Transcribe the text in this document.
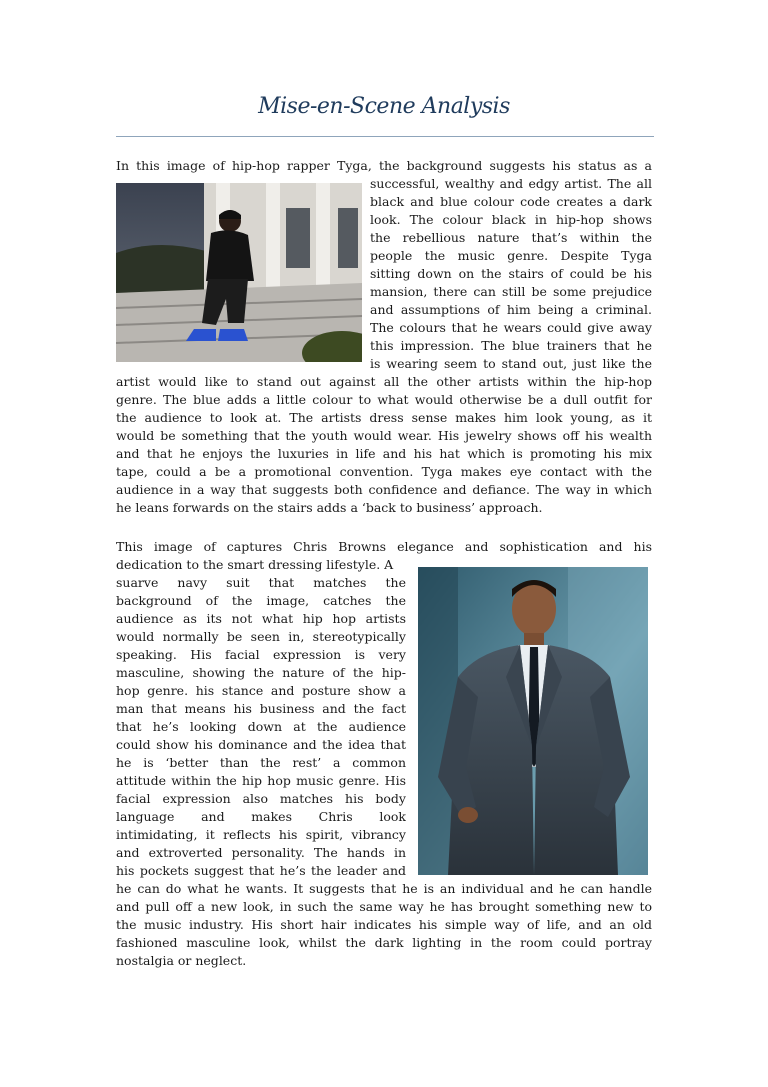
Mise-en-Scene Analysis
In this image of hip-hop rapper Tyga, the background suggests his status as a
successful, wealthy and edgy artist. The all
black and blue colour code creates a dark
look. The colour black in hip-hop shows
the rebellious nature that’s within the
people the music genre. Despite Tyga
sitting down on the stairs of could be his
mansion, there can still be some prejudice
and assumptions of him being a criminal.
The colours that he wears could give away
this impression. The blue trainers that he
is wearing seem to stand out, just like the
artist would like to stand out against all the other artists within the hip-hop
genre. The blue adds a little colour to what would otherwise be a dull outfit for
the audience to look at. The artists dress sense makes him look young, as it
would be something that the youth would wear. His jewelry shows off his wealth
and that he enjoys the luxuries in life and his hat which is promoting his mix
tape, could a be a promotional convention. Tyga makes eye contact with the
audience in a way that suggests both confidence and defiance. The way in which
he leans forwards on the stairs adds a ‘back to business’ approach.
This image of captures Chris Browns elegance and sophistication and his
dedication to the smart dressing lifestyle. A
suarve navy suit that matches the
background of the image, catches the
audience as its not what hip hop artists
would normally be seen in, stereotypically
speaking. His facial expression is very
masculine, showing the nature of the hip-
hop genre. his stance and posture show a
man that means his business and the fact
that he’s looking down at the audience
could show his dominance and the idea that
he is ‘better than the rest’ a common
attitude within the hip hop music genre. His
facial expression also matches his body
language and makes Chris look
intimidating, it reflects his spirit, vibrancy
and extroverted personality. The hands in
his pockets suggest that he’s the leader and
he can do what he wants. It suggests that he is an individual and he can handle
and pull off a new look, in such the same way he has brought something new to
the music industry. His short hair indicates his simple way of life, and an old
fashioned masculine look, whilst the dark lighting in the room could portray
nostalgia or neglect.
